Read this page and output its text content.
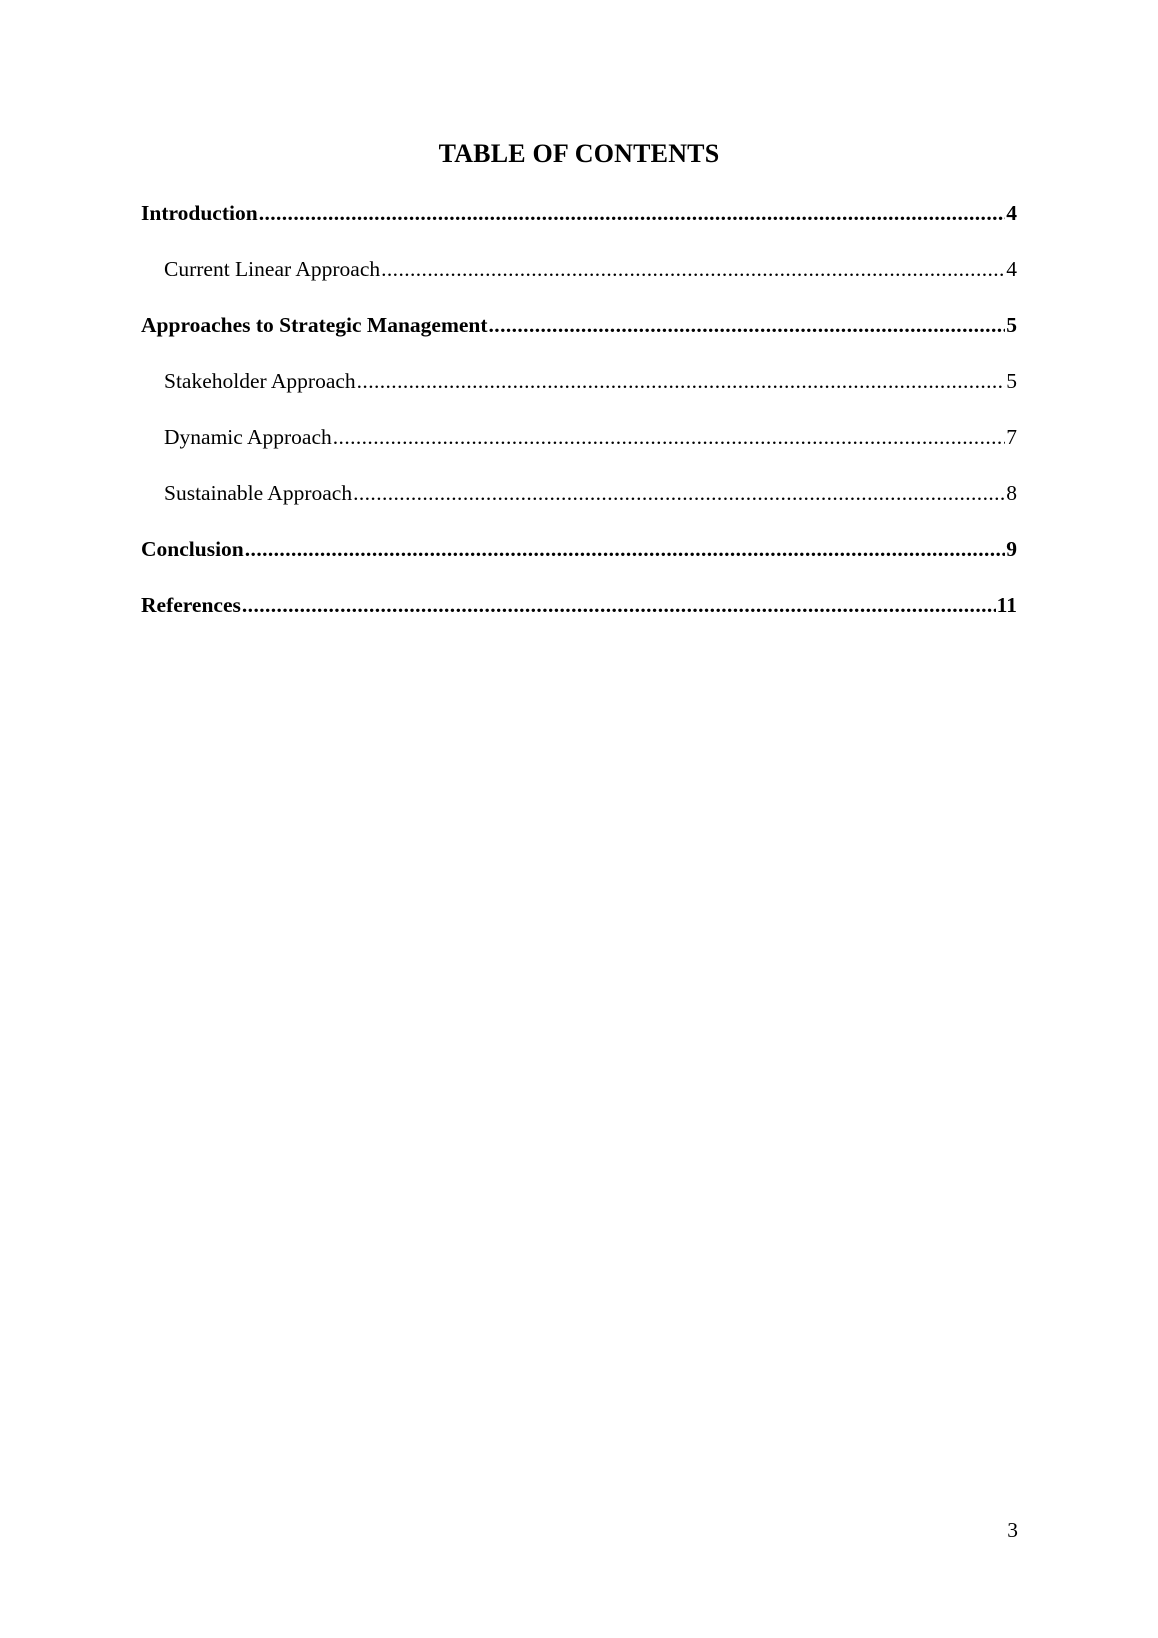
TABLE OF CONTENTS
Introduction .....	4
Current Linear Approach .....	4
Approaches to Strategic Management .....	5
Stakeholder Approach .....	5
Dynamic Approach .....	7
Sustainable Approach .....	8
Conclusion .....	9
References .....	11
3
